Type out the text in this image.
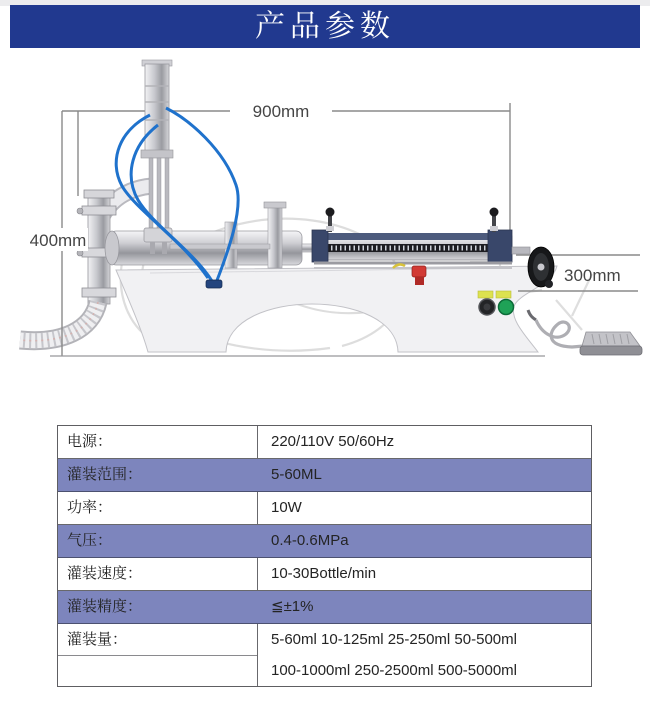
900mm
400mm
300mm
产品参数
电源：	220/110V 50/60Hz
灌装范围：	5-60ML
功率：	10W
气压：	0.4-0.6MPa
灌装速度：	10-30Bottle/min
灌装精度：	≦±1%
灌装量：	5-60ml 10-125ml 25-250ml 50-500ml
100-1000ml 250-2500ml 500-5000ml
